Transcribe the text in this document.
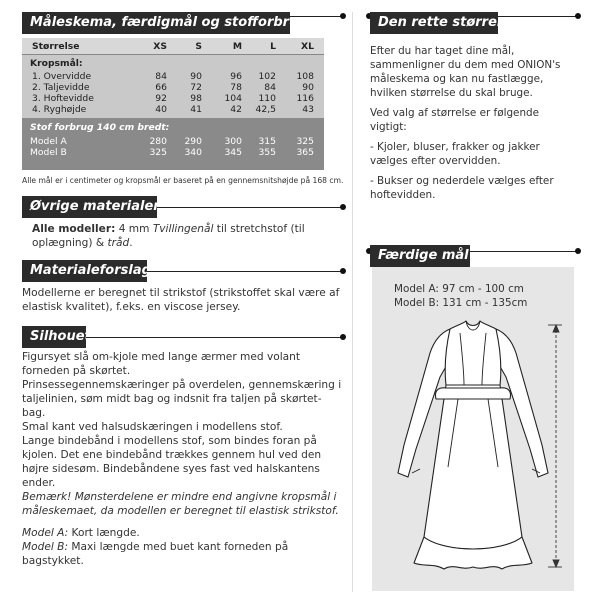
Måleskema, færdigmål og stofforbrug
Størrelse	XS	S	M	L	XL
Kropsmål:
1. Overvidde	84	90	96	102	108
2. Taljevidde	66	72	78	84	90
3. Hoftevidde	92	98	104	110	116
4. Ryghøjde	40	41	42	42,5	43
Stof forbrug 140 cm bredt:
Model A	280	290	300	315	325
Model B	325	340	345	355	365
Alle mål er i centimeter og kropsmål er baseret på en gennemsnitshøjde på 168 cm.
Øvrige materialer

Alle modeller: 4 mm Tvillingenål til stretchstof (til oplægning) & tråd.

Materialeforslag
Modellerne er beregnet til strikstof (strikstoffet skal være af elastisk kvalitet), f.eks. en viscose jersey.
Silhouet

Figursyet slå om-kjole med lange ærmer med volant forneden på skørtet.

Prinsessegennemskæringer på overdelen, gennemskæring i taljelinien, søm midt bag og indsnit fra taljen på skørtet-bag.

Smal kant ved halsudskæringen i modellens stof.

Lange bindebånd i modellens stof, som bindes foran på kjolen. Det ene bindebånd trækkes gennem hul ved den højre sidesøm. Bindebåndene syes fast ved halskantens ender.

Bemærk! Mønsterdelene er mindre end angivne kropsmål i måleskemaet, da modellen er beregnet til elastisk strikstof.

Model A: Kort længde.

Model B: Maxi længde med buet kant forneden på bagstykket.

Den rette størrelse

Efter du har taget dine mål, sammenligner du dem med ONION's måleskema og kan nu fastlægge, hvilken størrelse du skal bruge.

Ved valg af størrelse er følgende vigtigt:

- Kjoler, bluser, frakker og jakker vælges efter overvidden.

- Bukser og nederdele vælges efter hoftevidden.

Færdige mål
Model A: 97 cm - 100 cm
Model B: 131 cm - 135cm
